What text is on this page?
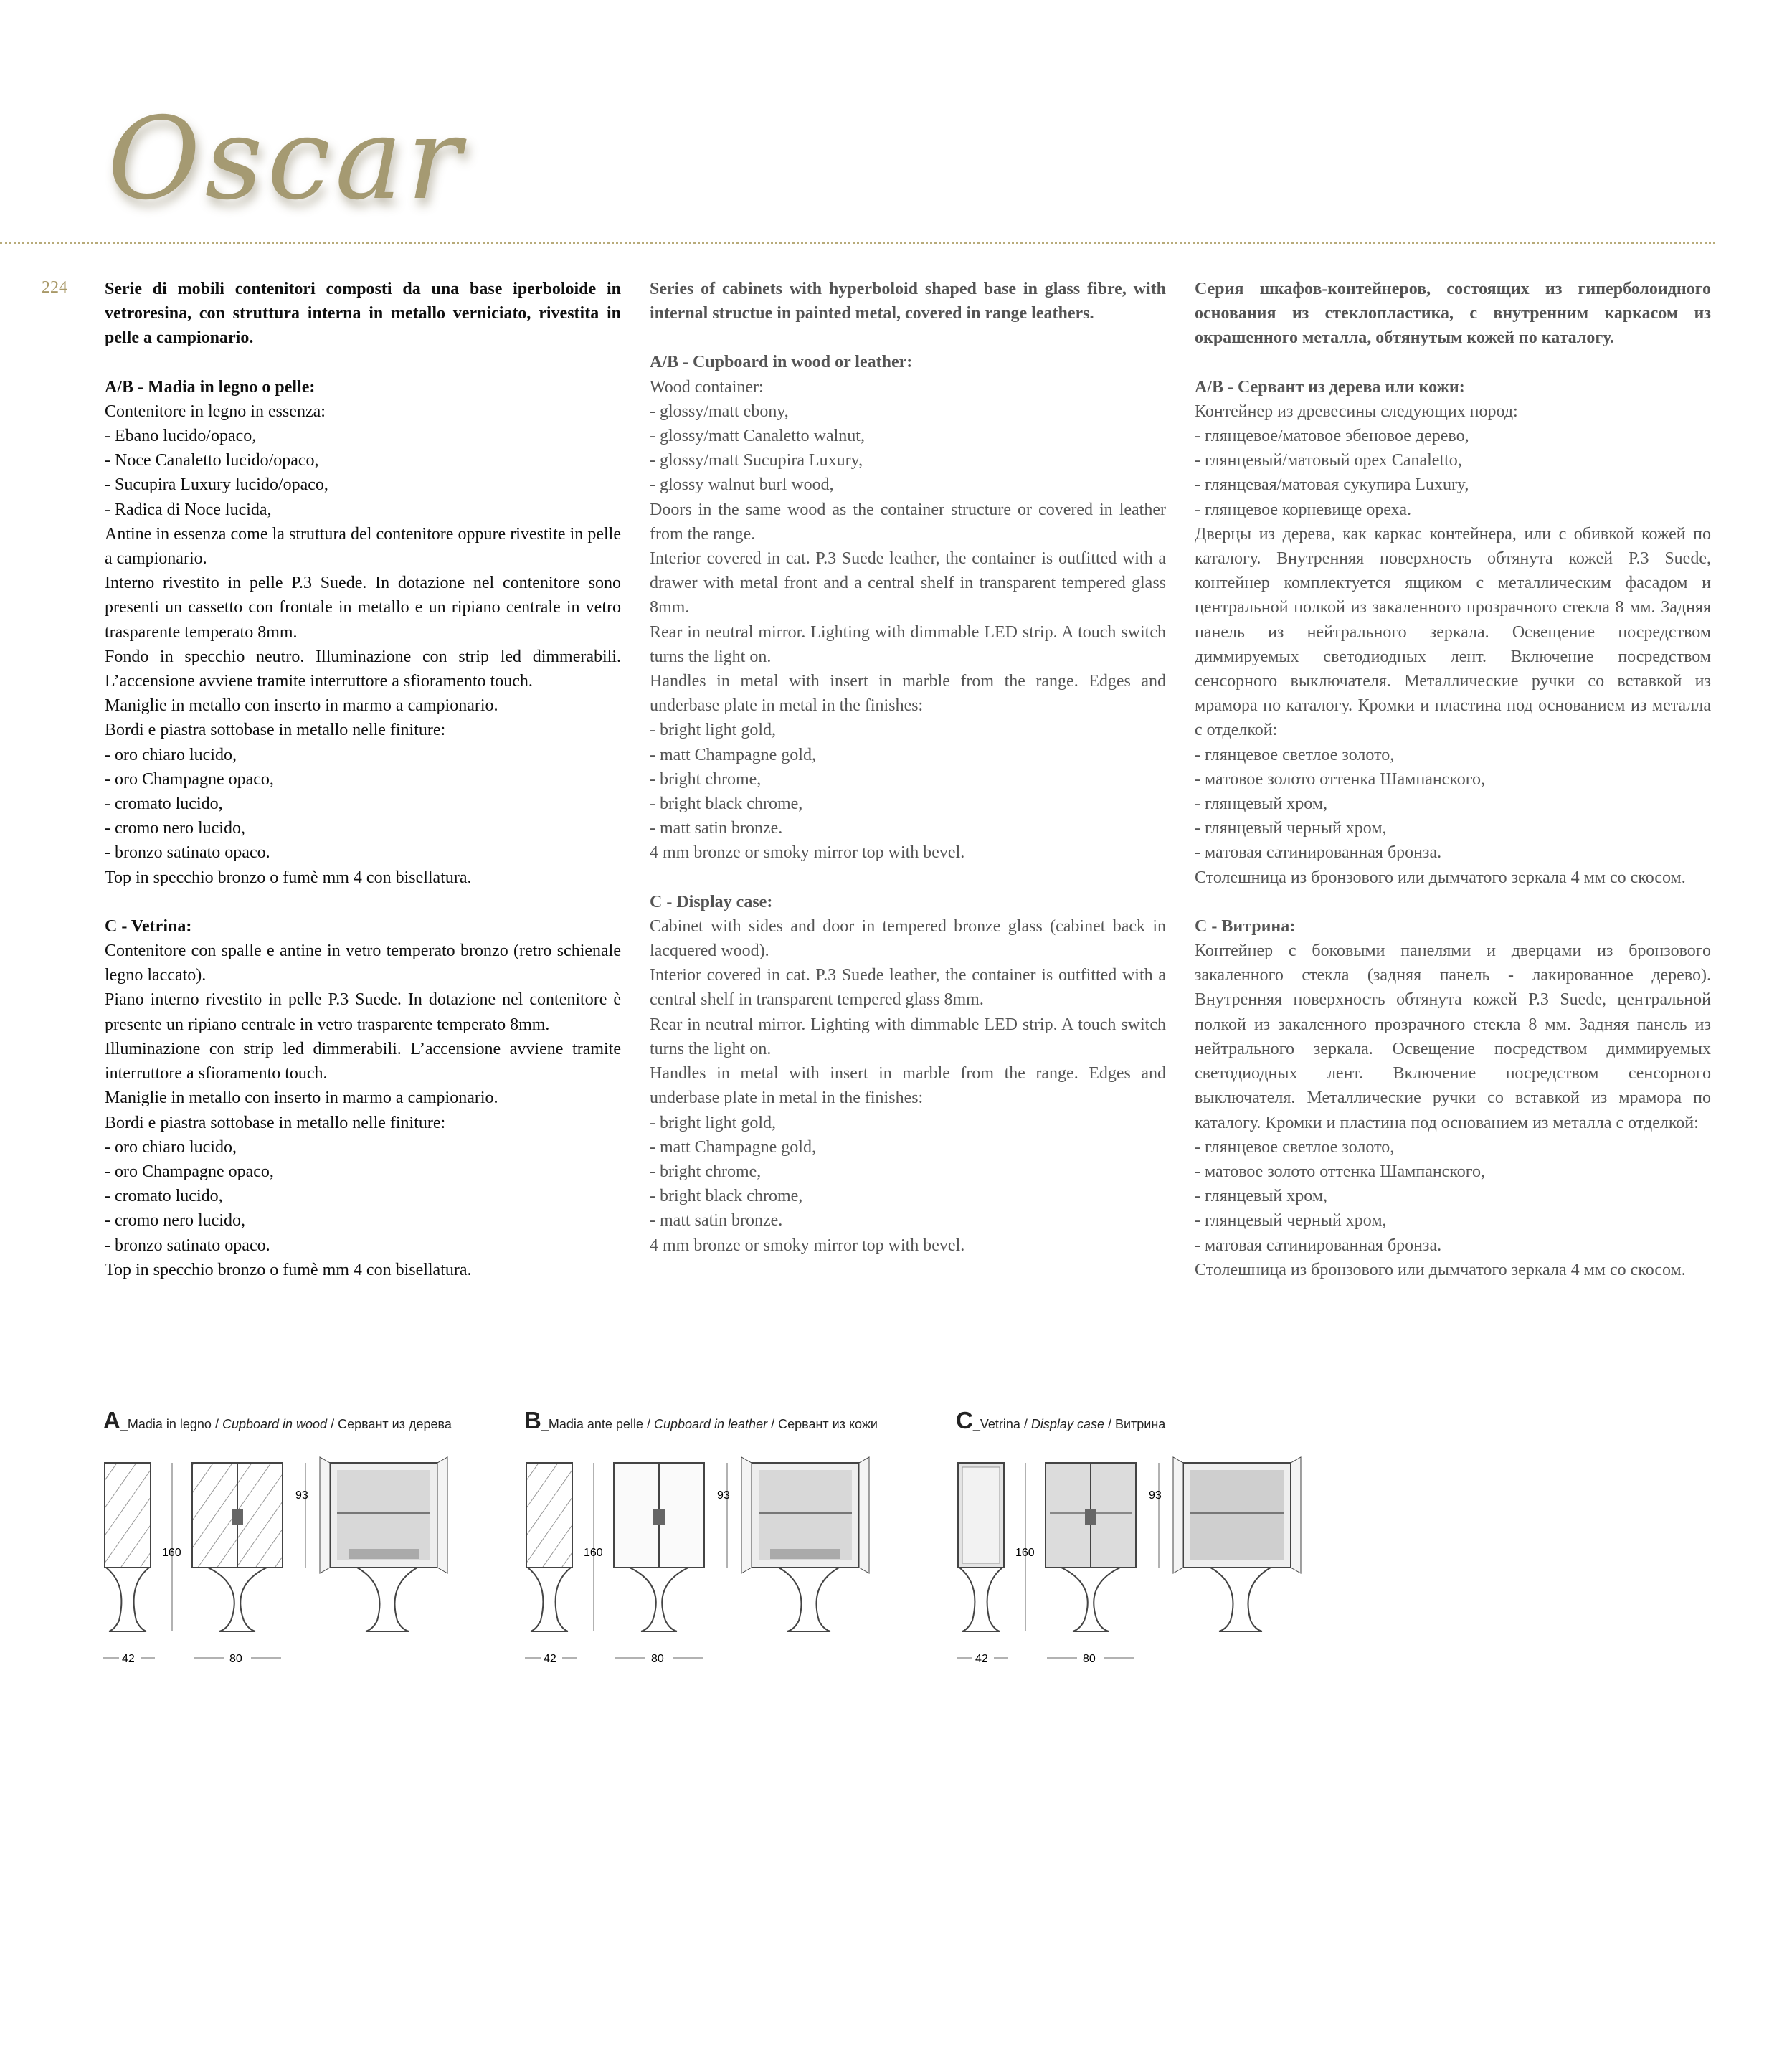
Oscar
224 Serie di mobili contenitori composti da una base iperboloide in vetroresina, con struttura interna in metallo verniciato, rivestita in pelle a campionario.

A/B - Madia in legno o pelle:

Contenitore in legno in essenza:

- Ebano lucido/opaco,

- Noce Canaletto lucido/opaco,

- Sucupira Luxury lucido/opaco,

- Radica di Noce lucida,

Antine in essenza come la struttura del contenitore oppure rivestite in pelle a campionario.

Interno rivestito in pelle P.3 Suede. In dotazione nel contenitore sono presenti un cassetto con frontale in metallo e un ripiano centrale in vetro trasparente temperato 8mm.

Fondo in specchio neutro. Illuminazione con strip led dimmerabili. L’accensione avviene tramite interruttore a sfioramento touch.

Maniglie in metallo con inserto in marmo a campionario.

Bordi e piastra sottobase in metallo nelle finiture:

- oro chiaro lucido,

- oro Champagne opaco,

- cromato lucido,

- cromo nero lucido,

- bronzo satinato opaco.

Top in specchio bronzo o fumè mm 4 con bisellatura.

C - Vetrina:

Contenitore con spalle e antine in vetro temperato bronzo (retro schienale legno laccato).

Piano interno rivestito in pelle P.3 Suede. In dotazione nel contenitore è presente un ripiano centrale in vetro trasparente temperato 8mm.

Illuminazione con strip led dimmerabili. L’accensione avviene tramite interruttore a sfioramento touch.

Maniglie in metallo con inserto in marmo a campionario.

Bordi e piastra sottobase in metallo nelle finiture:

- oro chiaro lucido,

- oro Champagne opaco,

- cromato lucido,

- cromo nero lucido,

- bronzo satinato opaco.

Top in specchio bronzo o fumè mm 4 con bisellatura.

Series of cabinets with hyperboloid shaped base in glass fibre, with internal structue in painted metal, covered in range leathers.

A/B - Cupboard in wood or leather:

Wood container:

- glossy/matt ebony,

- glossy/matt Canaletto walnut,

- glossy/matt Sucupira Luxury,

- glossy walnut burl wood,

Doors in the same wood as the container structure or covered in leather from the range.

Interior covered in cat. P.3 Suede leather, the container is outfitted with a drawer with metal front and a central shelf in transparent tempered glass 8mm.

Rear in neutral mirror. Lighting with dimmable LED strip. A touch switch turns the light on.

Handles in metal with insert in marble from the range. Edges and underbase plate in metal in the finishes:

- bright light gold,

- matt Champagne gold,

- bright chrome,

- bright black chrome,

- matt satin bronze.

4 mm bronze or smoky mirror top with bevel.

C - Display case:

Cabinet with sides and door in tempered bronze glass (cabinet back in lacquered wood).

Interior covered in cat. P.3 Suede leather, the container is outfitted with a central shelf in transparent tempered glass 8mm.

Rear in neutral mirror. Lighting with dimmable LED strip. A touch switch turns the light on.

Handles in metal with insert in marble from the range. Edges and underbase plate in metal in the finishes:

- bright light gold,

- matt Champagne gold,

- bright chrome,

- bright black chrome,

- matt satin bronze.

4 mm bronze or smoky mirror top with bevel.

Серия шкафов-контейнеров, состоящих из гиперболоидного основания из стеклопластика, с внутренним каркасом из окрашенного металла, обтянутым кожей по каталогу.

A/B - Сервант из дерева или кожи:

Контейнер из древесины следующих пород:

- глянцевое/матовое эбеновое дерево,

- глянцевый/матовый орех Canaletto,

- глянцевая/матовая сукупира Luxury,

- глянцевое корневище ореха.

Дверцы из дерева, как каркас контейнера, или с обивкой кожей по каталогу. Внутренняя поверхность обтянута кожей P.3 Suede, контейнер комплектуется ящиком с металлическим фасадом и центральной полкой из закаленного прозрачного стекла 8 мм. Задняя панель из нейтрального зеркала. Освещение посредством диммируемых светодиодных лент. Включение посредством сенсорного выключателя. Металлические ручки со вставкой из мрамора по каталогу. Кромки и пластина под основанием из металла с отделкой:

- глянцевое светлое золото,

- матовое золото оттенка Шампанского,

- глянцевый хром,

- глянцевый черный хром,

- матовая сатинированная бронза.

Столешница из бронзового или дымчатого зеркала 4 мм со скосом.

C - Витрина:

Контейнер с боковыми панелями и дверцами из бронзового закаленного стекла (задняя панель - лакированное дерево). Внутренняя поверхность обтянута кожей P.3 Suede, центральной полкой из закаленного прозрачного стекла 8 мм. Задняя панель из нейтрального зеркала. Освещение посредством диммируемых светодиодных лент. Включение посредством сенсорного выключателя. Металлические ручки со вставкой из мрамора по каталогу. Кромки и пластина под основанием из металла с отделкой:

- глянцевое светлое золото,

- матовое золото оттенка Шампанского,

- глянцевый хром,

- глянцевый черный хром,

- матовая сатинированная бронза.

Столешница из бронзового или дымчатого зеркала 4 мм со скосом.

A_Madia in legno / Cupboard in wood / Сервант из дерева	B_Madia ante pelle / Cupboard in leather / Сервант из кожи	C_Vetrina / Display case / Витрина
160
93
42	80
160
93
42	80
160
93
42	80
